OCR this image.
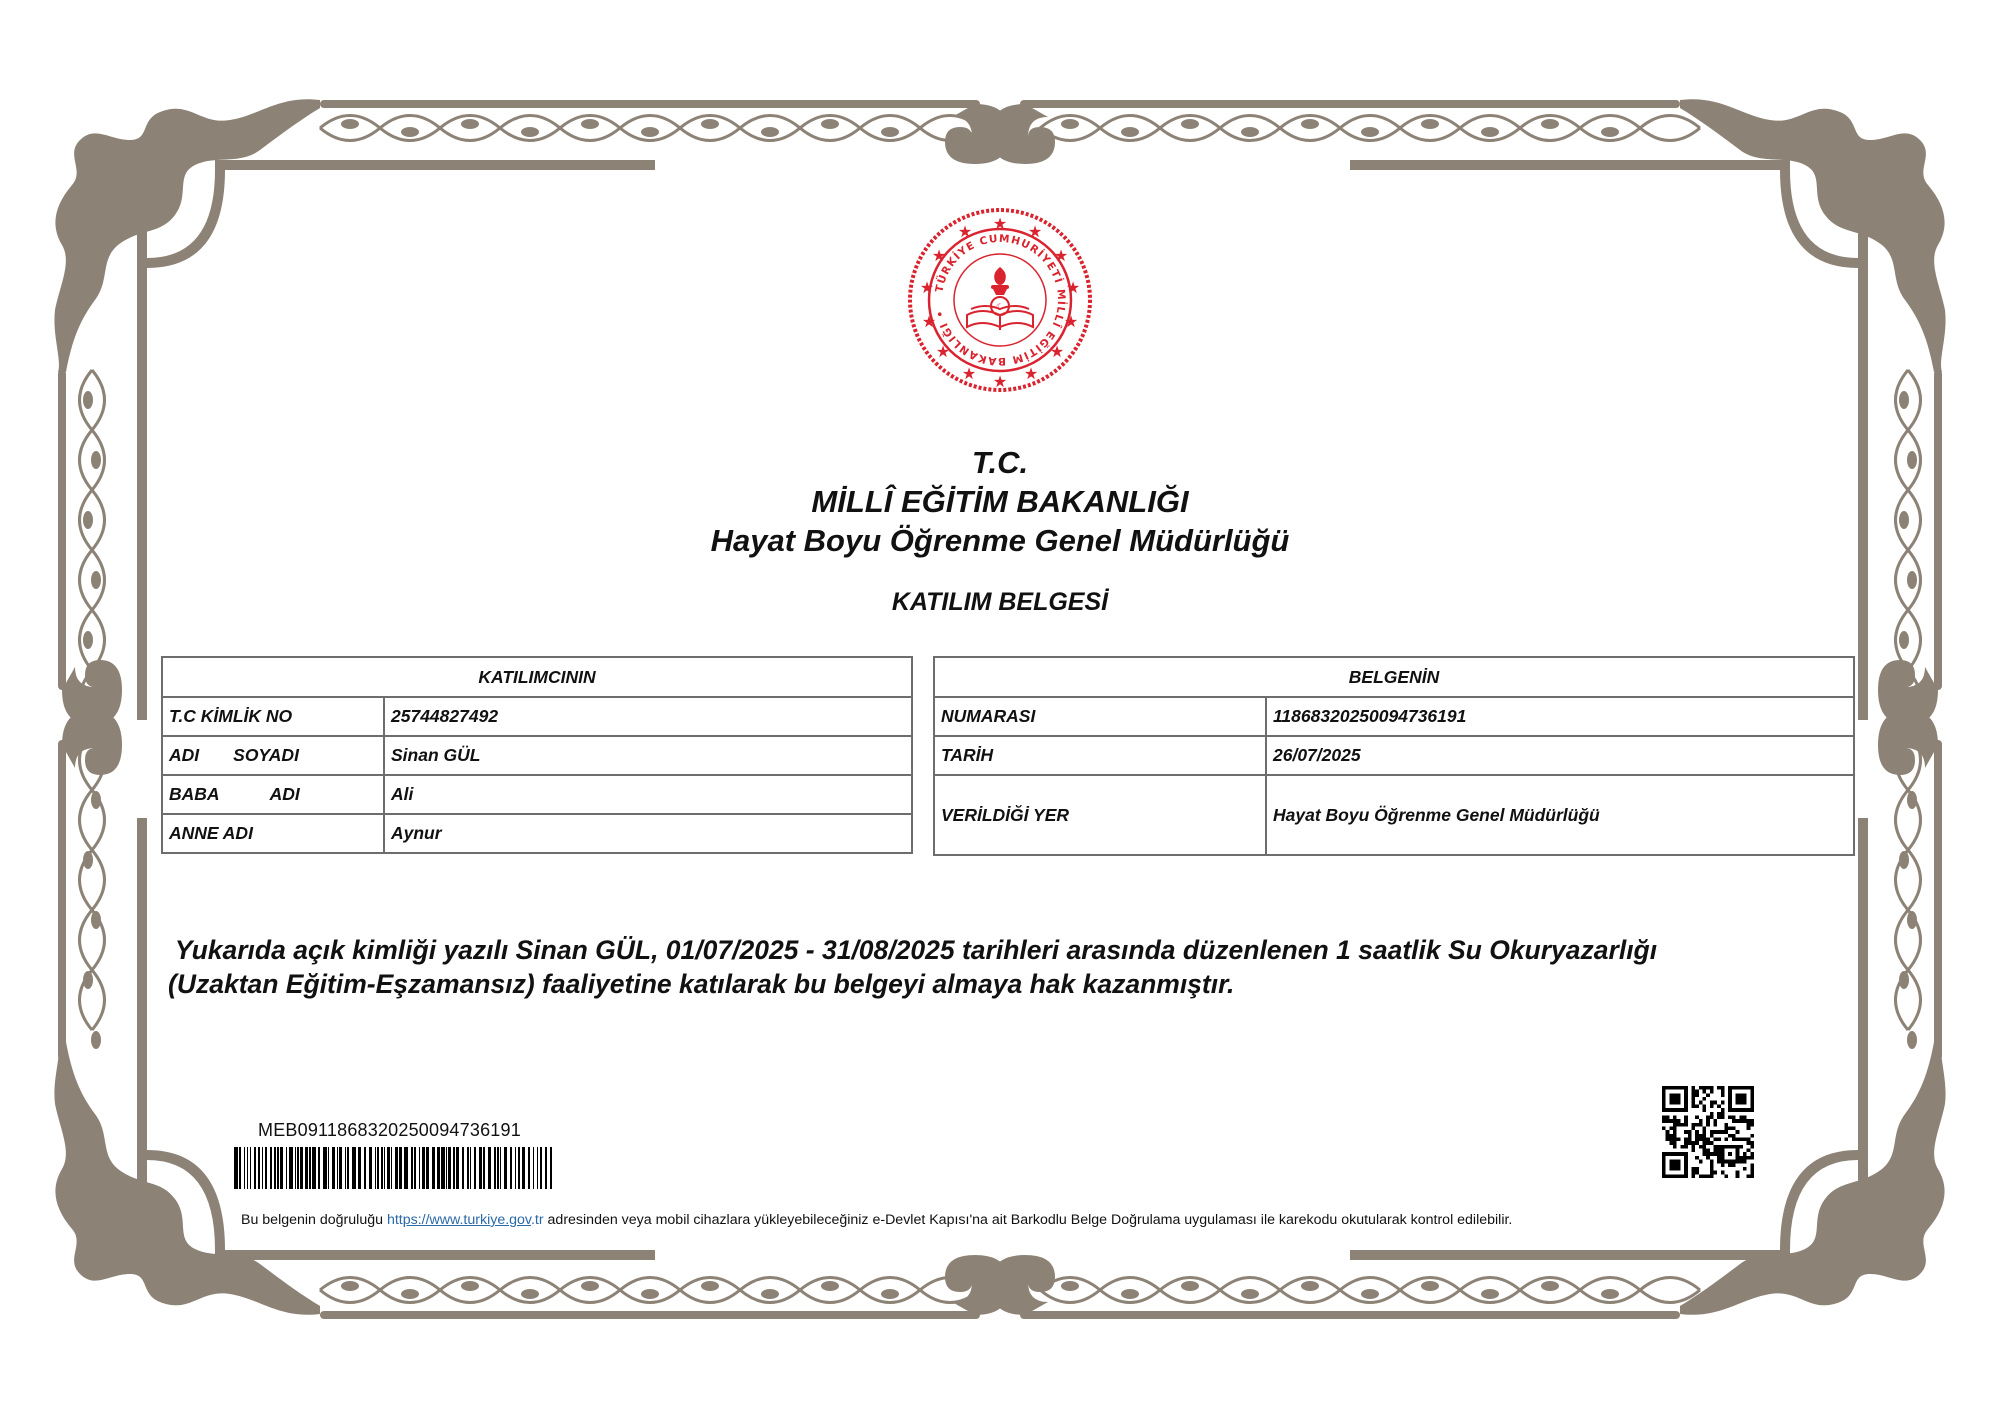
★ ★
★
★
★
★
★
★
★
★
★
★
★
★
TÜRKİYE CUMHURİYETİ MİLLÎ EĞİTİM BAKANLIĞI •
☾
T.C.
MİLLÎ EĞİTİM BAKANLIĞI
Hayat Boyu Öğrenme Genel Müdürlüğü
KATILIM BELGESİ
KATILIMCININ	
T.C KİMLİK NO	25744827492
ADI SOYADI	Sinan GÜL
BABA ADI	Ali
ANNE ADI	Aynur
BELGENİN	
NUMARASI	11868320250094736191
TARİH	26/07/2025
VERİLDİĞİ YER	Hayat Boyu Öğrenme Genel Müdürlüğü
Yukarıda açık kimliği yazılı Sinan GÜL, 01/07/2025 - 31/08/2025 tarihleri arasında düzenlenen 1 saatlik Su Okuryazarlığı
(Uzaktan Eğitim-Eşzamansız) faaliyetine katılarak bu belgeyi almaya hak kazanmıştır.
MEB0911868320250094736191
Bu belgenin doğruluğu https://www.turkiye.gov.tr adresinden veya mobil cihazlara yükleyebileceğiniz e-Devlet Kapısı'na ait Barkodlu Belge Doğrulama uygulaması ile karekodu okutularak kontrol edilebilir.
